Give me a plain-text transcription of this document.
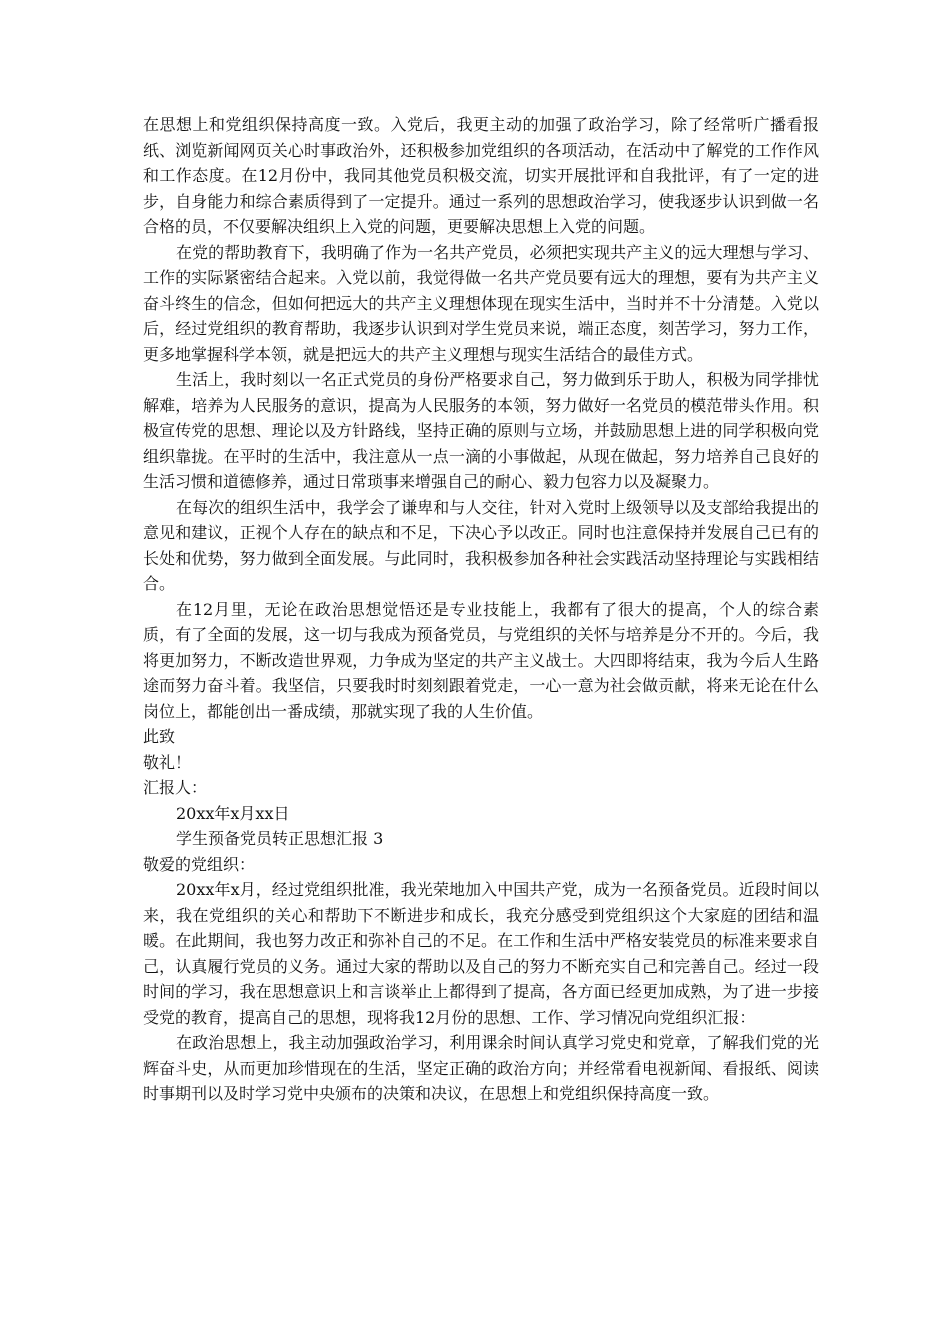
在思想上和党组织保持高度一致。入党后，我更主动的加强了政治学习，除了经常听广播看报纸、浏览新闻网页关心时事政治外，还积极参加党组织的各项活动，在活动中了解党的工作作风和工作态度。在12月份中，我同其他党员积极交流，切实开展批评和自我批评，有了一定的进步，自身能力和综合素质得到了一定提升。通过一系列的思想政治学习，使我逐步认识到做一名合格的员，不仅要解决组织上入党的问题，更要解决思想上入党的问题。

在党的帮助教育下，我明确了作为一名共产党员，必须把实现共产主义的远大理想与学习、工作的实际紧密结合起来。入党以前，我觉得做一名共产党员要有远大的理想，要有为共产主义奋斗终生的信念，但如何把远大的共产主义理想体现在现实生活中，当时并不十分清楚。入党以后，经过党组织的教育帮助，我逐步认识到对学生党员来说，端正态度，刻苦学习，努力工作，更多地掌握科学本领，就是把远大的共产主义理想与现实生活结合的最佳方式。

生活上，我时刻以一名正式党员的身份严格要求自己，努力做到乐于助人，积极为同学排忧解难，培养为人民服务的意识，提高为人民服务的本领，努力做好一名党员的模范带头作用。积极宣传党的思想、理论以及方针路线，坚持正确的原则与立场，并鼓励思想上进的同学积极向党组织靠拢。在平时的生活中，我注意从一点一滴的小事做起，从现在做起，努力培养自己良好的生活习惯和道德修养，通过日常琐事来增强自己的耐心、毅力包容力以及凝聚力。

在每次的组织生活中，我学会了谦卑和与人交往，针对入党时上级领导以及支部给我提出的意见和建议，正视个人存在的缺点和不足，下决心予以改正。同时也注意保持并发展自己已有的长处和优势，努力做到全面发展。与此同时，我积极参加各种社会实践活动坚持理论与实践相结合。

在12月里，无论在政治思想觉悟还是专业技能上，我都有了很大的提高，个人的综合素质，有了全面的发展，这一切与我成为预备党员，与党组织的关怀与培养是分不开的。今后，我将更加努力，不断改造世界观，力争成为坚定的共产主义战士。大四即将结束，我为今后人生路途而努力奋斗着。我坚信，只要我时时刻刻跟着党走，一心一意为社会做贡献，将来无论在什么岗位上，都能创出一番成绩，那就实现了我的人生价值。

此致

敬礼！

汇报人：

20xx年x月xx日

学生预备党员转正思想汇报 3

敬爱的党组织：

20xx年x月，经过党组织批准，我光荣地加入中国共产党，成为一名预备党员。近段时间以来，我在党组织的关心和帮助下不断进步和成长，我充分感受到党组织这个大家庭的团结和温暖。在此期间，我也努力改正和弥补自己的不足。在工作和生活中严格安装党员的标准来要求自己，认真履行党员的义务。通过大家的帮助以及自己的努力不断充实自己和完善自己。经过一段时间的学习，我在思想意识上和言谈举止上都得到了提高，各方面已经更加成熟，为了进一步接受党的教育，提高自己的思想，现将我12月份的思想、工作、学习情况向党组织汇报：

在政治思想上，我主动加强政治学习，利用课余时间认真学习党史和党章，了解我们党的光辉奋斗史，从而更加珍惜现在的生活，坚定正确的政治方向；并经常看电视新闻、看报纸、阅读时事期刊以及时学习党中央颁布的决策和决议，在思想上和党组织保持高度一致。
